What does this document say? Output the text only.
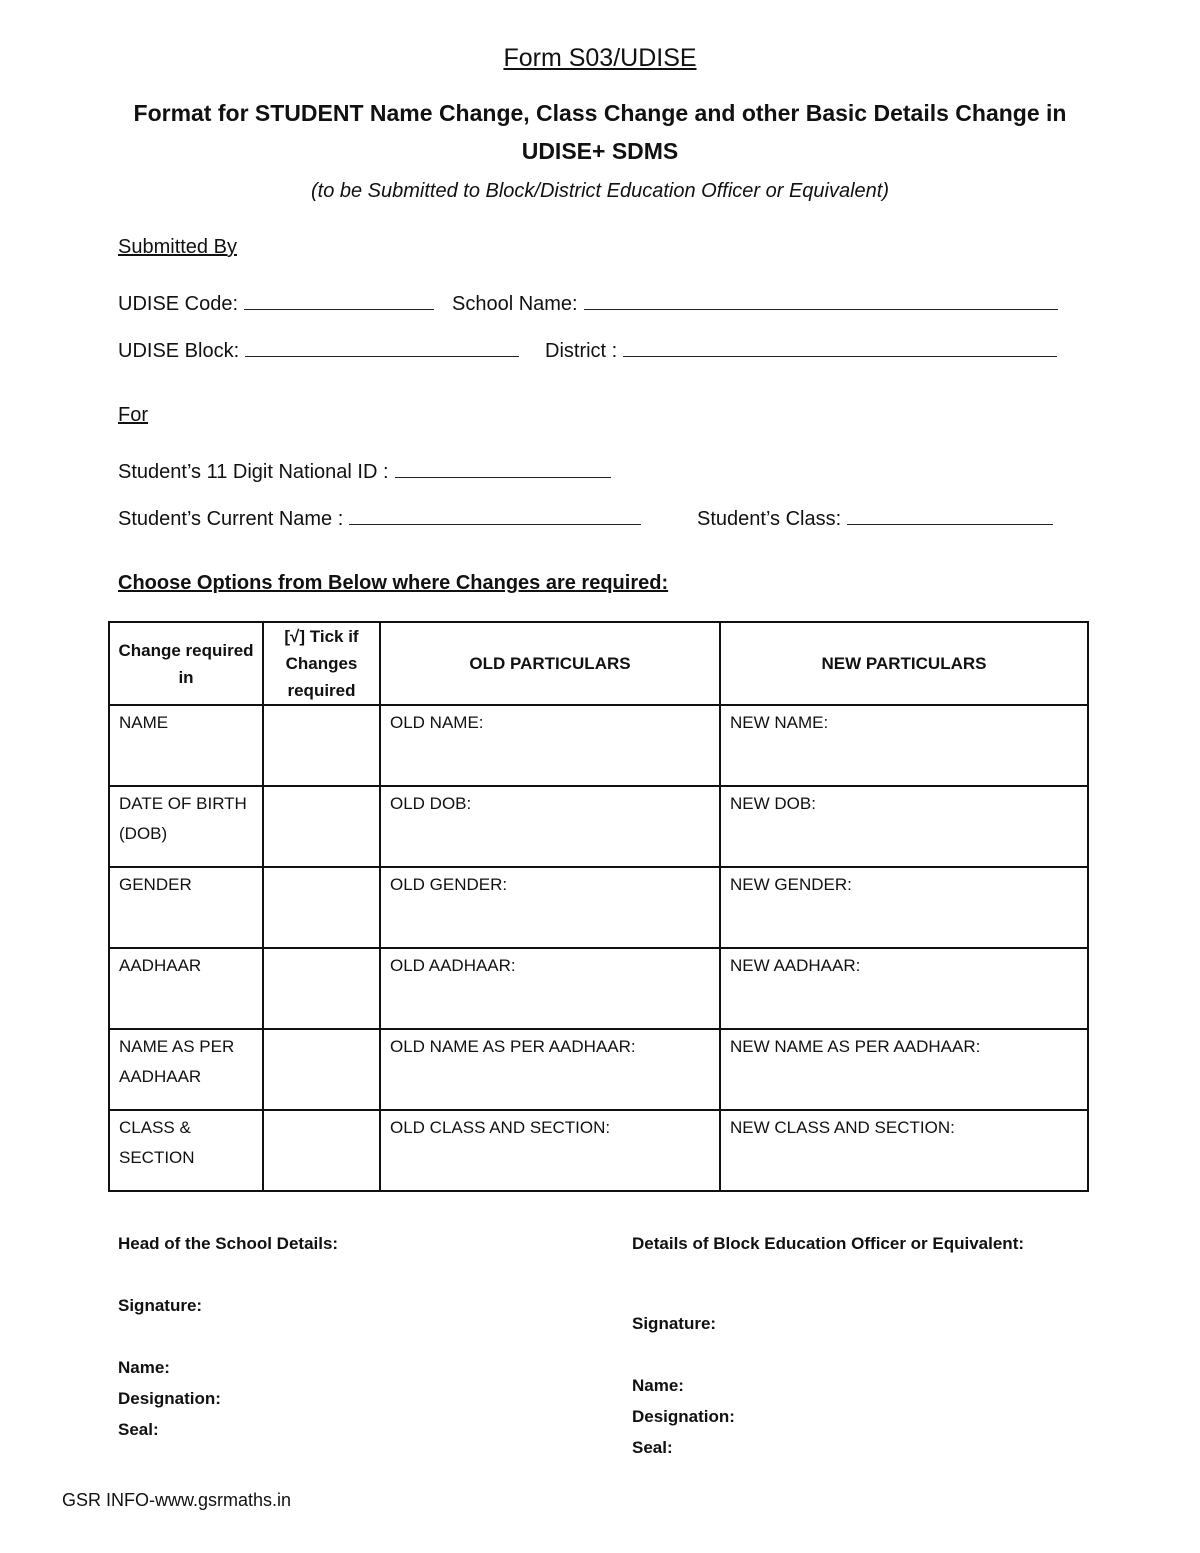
Form S03/UDISE
Format for STUDENT Name Change, Class Change and other Basic Details Change in
UDISE+ SDMS
(to be Submitted to Block/District Education Officer or Equivalent)
Submitted By
UDISE Code:	School Name:
UDISE Block:	District :
For
Student’s 11 Digit National ID :
Student’s Current Name :	Student’s Class:
Choose Options from Below where Changes are required:
Change required in	[√] Tick if Changes required	OLD PARTICULARS	NEW PARTICULARS
NAME		OLD NAME:	NEW NAME:
DATE OF BIRTH (DOB)		OLD DOB:	NEW DOB:
GENDER		OLD GENDER:	NEW GENDER:
AADHAAR		OLD AADHAAR:	NEW AADHAAR:
NAME AS PER AADHAAR		OLD NAME AS PER AADHAAR:	NEW NAME AS PER AADHAAR:
CLASS & SECTION		OLD CLASS AND SECTION:	NEW CLASS AND SECTION:
Head of the School Details:
Signature:
Name:
Designation:
Seal:
Details of Block Education Officer or Equivalent:
Signature:
Name:
Designation:
Seal:
GSR INFO-www.gsrmaths.in
